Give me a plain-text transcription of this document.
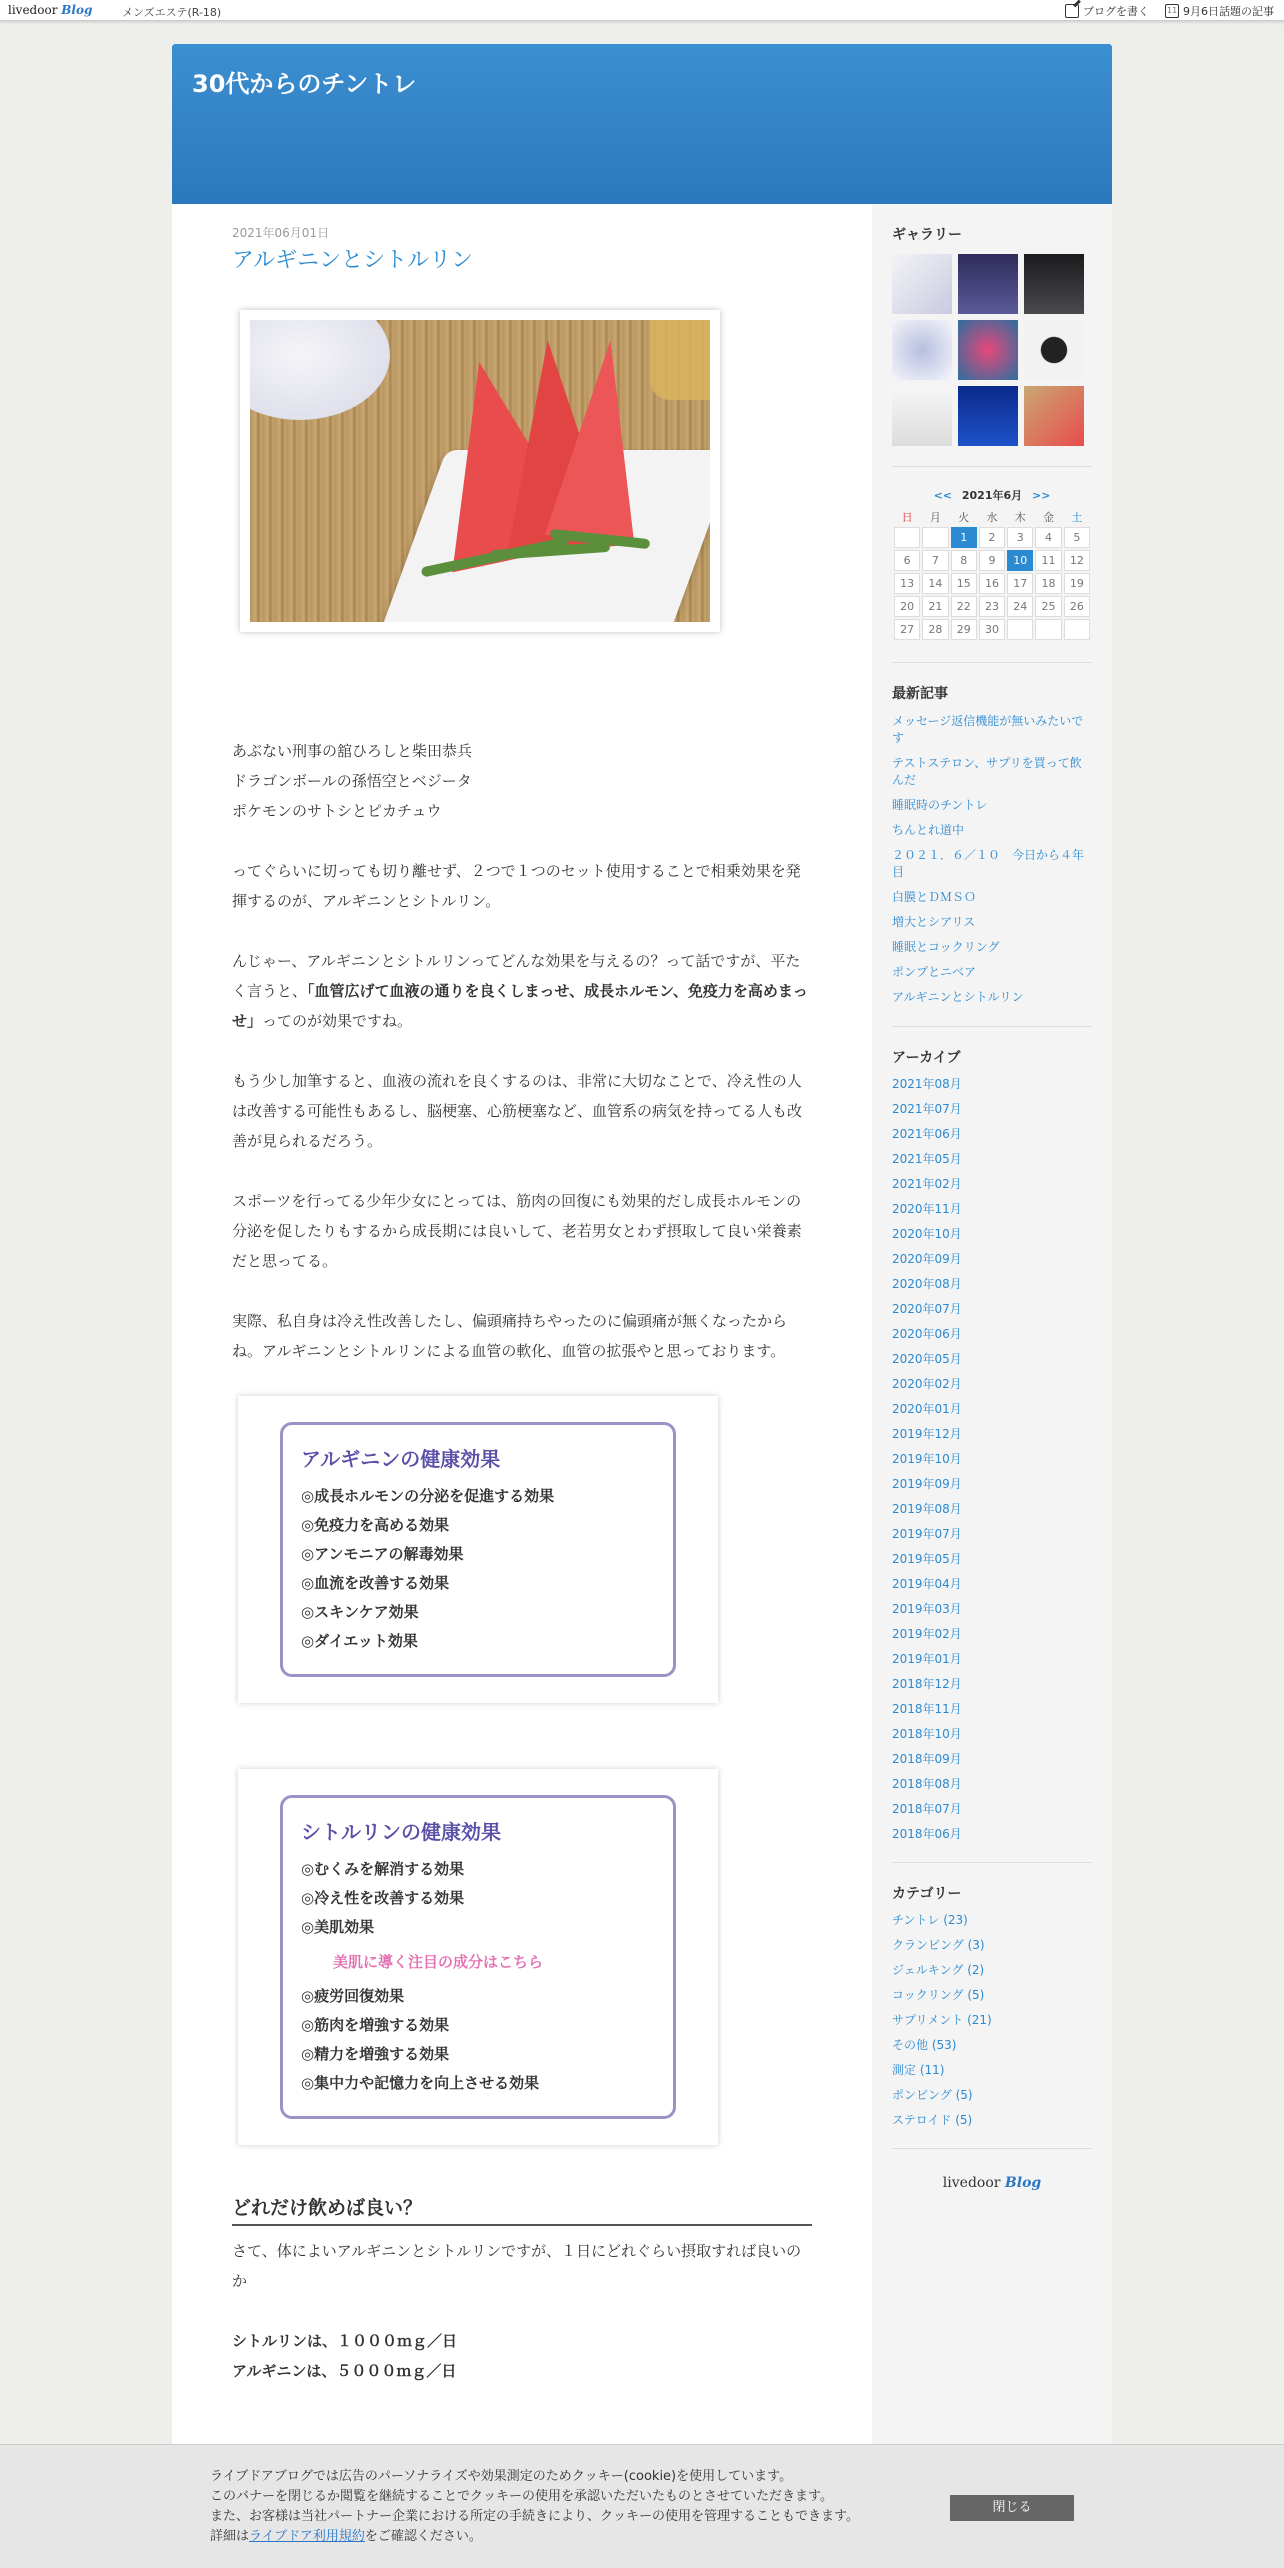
livedoor Blog	メンズエステ(R-18)	ブログを書く 11	9月6日話題の記事
30代からのチントレ
2021年06月01日
アルギニンとシトルリン

あぶない刑事の舘ひろしと柴田恭兵
ドラゴンボールの孫悟空とベジータ
ポケモンのサトシとピカチュウ

ってぐらいに切っても切り離せず、２つで１つのセット使用することで相乗効果を発揮するのが、アルギニンとシトルリン。

んじゃー、アルギニンとシトルリンってどんな効果を与えるの？って話ですが、平たく言うと、「血管広げて血液の通りを良くしまっせ、成長ホルモン、免疫力を高めまっせ」ってのが効果ですね。

もう少し加筆すると、血液の流れを良くするのは、非常に大切なことで、冷え性の人は改善する可能性もあるし、脳梗塞、心筋梗塞など、血管系の病気を持ってる人も改善が見られるだろう。

スポーツを行ってる少年少女にとっては、筋肉の回復にも効果的だし成長ホルモンの分泌を促したりもするから成長期には良いして、老若男女とわず摂取して良い栄養素だと思ってる。

実際、私自身は冷え性改善したし、偏頭痛持ちやったのに偏頭痛が無くなったからね。アルギニンとシトルリンによる血管の軟化、血管の拡張やと思っております。

アルギニンの健康効果
◎成長ホルモンの分泌を促進する効果
◎免疫力を高める効果
◎アンモニアの解毒効果
◎血流を改善する効果
◎スキンケア効果
◎ダイエット効果
シトルリンの健康効果
◎むくみを解消する効果
◎冷え性を改善する効果
◎美肌効果
美肌に導く注目の成分はこちら
◎疲労回復効果
◎筋肉を増強する効果
◎精力を増強する効果
◎集中力や記憶力を向上させる効果
どれだけ飲めば良い？

さて、体によいアルギニンとシトルリンですが、１日にどれぐらい摂取すれば良いのか

シトルリンは、１０００ｍｇ／日
アルギニンは、５０００ｍｇ／日

ギャラリー
<< 2021年6月 >>
日	月	火	水	木	金	土
		1	2	3	4	5
6	7	8	9	10	11	12
13	14	15	16	17	18	19
20	21	22	23	24	25	26
27	28	29	30			
最新記事
メッセージ返信機能が無いみたいです
テストステロン、サプリを買って飲んだ
睡眠時のチントレ
ちんとれ道中
２０２１．６／１０　今日から４年目
白膜とＤＭＳＯ
増大とシアリス
睡眠とコックリング
ポンプとニベア
アルギニンとシトルリン
アーカイブ
2021年08月
2021年07月
2021年06月
2021年05月
2021年02月
2020年11月
2020年10月
2020年09月
2020年08月
2020年07月
2020年06月
2020年05月
2020年02月
2020年01月
2019年12月
2019年10月
2019年09月
2019年08月
2019年07月
2019年05月
2019年04月
2019年03月
2019年02月
2019年01月
2018年12月
2018年11月
2018年10月
2018年09月
2018年08月
2018年07月
2018年06月
カテゴリー
チントレ (23)
クランピング (3)
ジェルキング (2)
コックリング (5)
サプリメント (21)
その他 (53)
測定 (11)
ポンピング (5)
ステロイド (5)
livedoor Blog
ライブドアブログでは広告のパーソナライズや効果測定のためクッキー(cookie)を使用しています。
このバナーを閉じるか閲覧を継続することでクッキーの使用を承認いただいたものとさせていただきます。
また、お客様は当社パートナー企業における所定の手続きにより、クッキーの使用を管理することもできます。
詳細はライブドア利用規約をご確認ください。
閉じる
